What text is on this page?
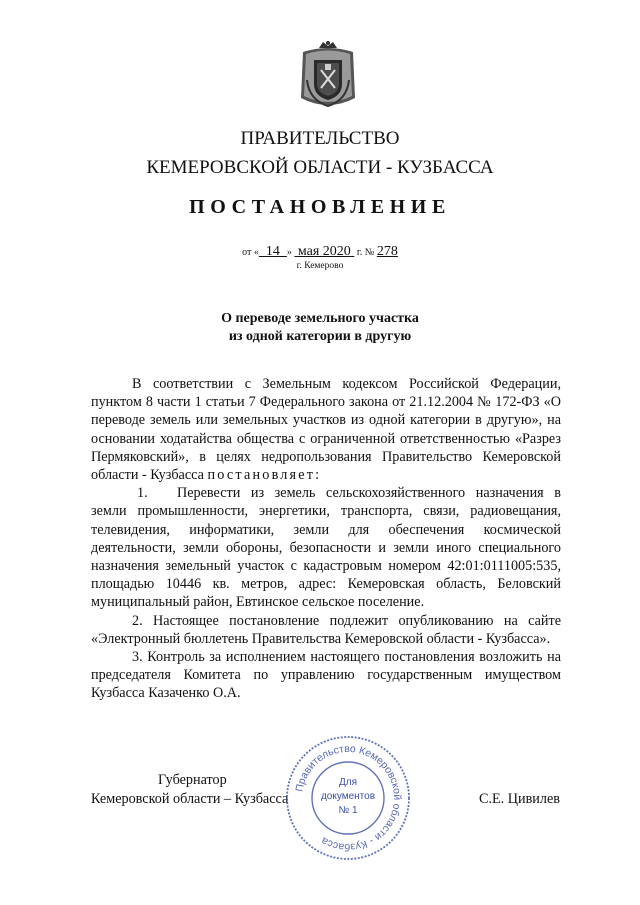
ПРАВИТЕЛЬСТВО
КЕМЕРОВСКОЙ ОБЛАСТИ - КУЗБАССА
ПОСТАНОВЛЕНИЕ
от « 14 » мая 2020 г. № 278
г. Кемерово
О переводе земельного участка
из одной категории в другую

В соответствии с Земельным кодексом Российской Федерации, пунктом 8 части 1 статьи 7 Федерального закона от 21.12.2004 № 172-ФЗ «О переводе земель или земельных участков из одной категории в другую», на основании ходатайства общества с ограниченной ответственностью «Разрез Пермяковский», в целях недропользования Правительство Кемеровской области - Кузбасса постановляет:

1. Перевести из земель сельскохозяйственного назначения в земли промышленности, энергетики, транспорта, связи, радиовещания, телевидения, информатики, земли для обеспечения космической деятельности, земли обороны, безопасности и земли иного специального назначения земельный участок с кадастровым номером 42:01:0111005:535, площадью 10446 кв. метров, адрес: Кемеровская область, Беловский муниципальный район, Евтинское сельское поселение.

2. Настоящее постановление подлежит опубликованию на сайте «Электронный бюллетень Правительства Кемеровской области - Кузбасса».

3. Контроль за исполнением настоящего постановления возложить на председателя Комитета по управлению государственным имуществом Кузбасса Казаченко О.А.

Губернатор
Кемеровской области – Кузбасса	С.Е. Цивилев
Правительство Кемеровской области - Кузбасса
Для
документов
№ 1
